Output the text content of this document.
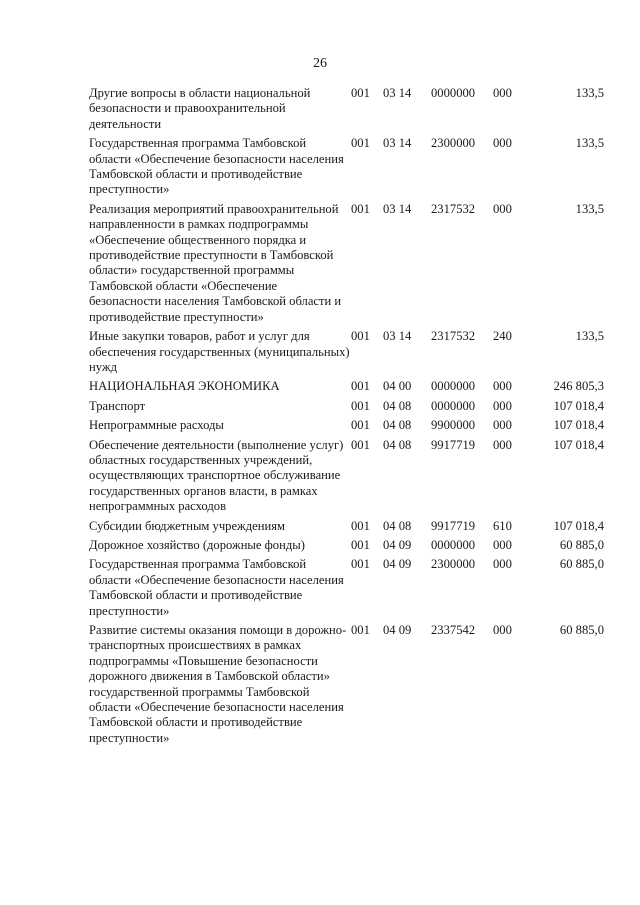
26
Другие вопросы в области национальной безопасности и правоохранительной деятельности	001	03 14	0000000	000	133,5
Государственная программа Тамбовской области «Обеспечение безопасности населения Тамбовской области и противодействие преступности»	001	03 14	2300000	000	133,5
Реализация мероприятий правоохранительной направленности в рамках подпрограммы «Обеспечение общественного порядка и противодействие преступности в Тамбовской области» государственной программы Тамбовской области «Обеспечение безопасности населения Тамбовской области и противодействие преступности»	001	03 14	2317532	000	133,5
Иные закупки товаров, работ и услуг для обеспечения государственных (муниципальных) нужд	001	03 14	2317532	240	133,5
НАЦИОНАЛЬНАЯ ЭКОНОМИКА	001	04 00	0000000	000	246 805,3
Транспорт	001	04 08	0000000	000	107 018,4
Непрограммные расходы	001	04 08	9900000	000	107 018,4
Обеспечение деятельности (выполнение услуг) областных государственных учреждений, осуществляющих транспортное обслуживание государственных органов власти, в рамках непрограммных расходов	001	04 08	9917719	000	107 018,4
Субсидии бюджетным учреждениям	001	04 08	9917719	610	107 018,4
Дорожное хозяйство (дорожные фонды)	001	04 09	0000000	000	60 885,0
Государственная программа Тамбовской области «Обеспечение безопасности населения Тамбовской области и противодействие преступности»	001	04 09	2300000	000	60 885,0
Развитие системы оказания помощи в дорожно-транспортных происшествиях в рамках подпрограммы «Повышение безопасности дорожного движения в Тамбовской области» государственной программы Тамбовской области «Обеспечение безопасности населения Тамбовской области и противодействие преступности»	001	04 09	2337542	000	60 885,0
